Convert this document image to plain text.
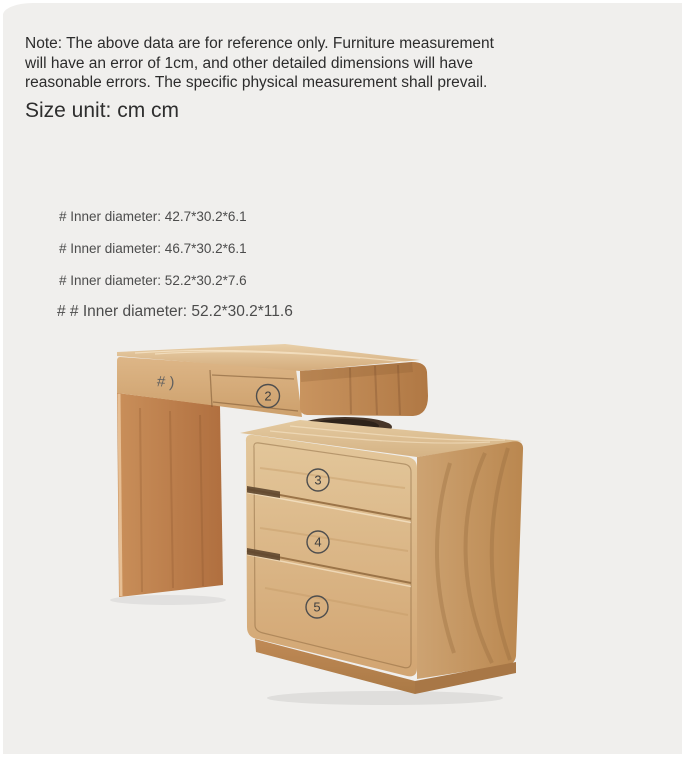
Note: The above data are for reference only. Furniture measurement will have an error of 1cm, and other detailed dimensions will have reasonable errors. The specific physical measurement shall prevail.

Size unit: cm cm
# Inner diameter: 42.7*30.2*6.1
# Inner diameter: 46.7*30.2*6.1
# Inner diameter: 52.2*30.2*7.6
# # Inner diameter: 52.2*30.2*11.6
# )
2
3
4
5
